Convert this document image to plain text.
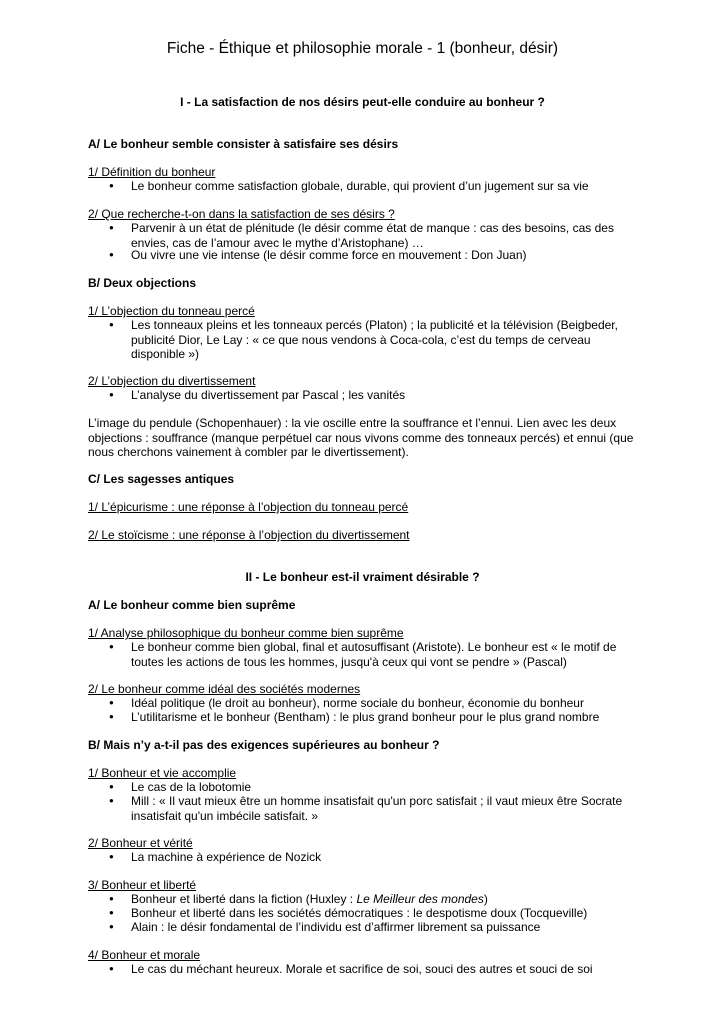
Fiche - Éthique et philosophie morale - 1 (bonheur, désir)
I - La satisfaction de nos désirs peut-elle conduire au bonheur ?
A/ Le bonheur semble consister à satisfaire ses désirs
1/ Définition du bonheur
● Le bonheur comme satisfaction globale, durable, qui provient d’un jugement sur sa vie
2/ Que recherche-t-on dans la satisfaction de ses désirs ?
● Parvenir à un état de plénitude (le désir comme état de manque : cas des besoins, cas des envies, cas de l’amour avec le mythe d’Aristophane) …
● Ou vivre une vie intense (le désir comme force en mouvement : Don Juan)
B/ Deux objections
1/ L’objection du tonneau percé
● Les tonneaux pleins et les tonneaux percés (Platon) ; la publicité et la télévision (Beigbeder, publicité Dior, Le Lay : « ce que nous vendons à Coca-cola, c’est du temps de cerveau disponible »)
2/ L’objection du divertissement
● L’analyse du divertissement par Pascal ; les vanités
L’image du pendule (Schopenhauer) : la vie oscille entre la souffrance et l’ennui. Lien avec les deux objections : souffrance (manque perpétuel car nous vivons comme des tonneaux percés) et ennui (que nous cherchons vainement à combler par le divertissement).
C/ Les sagesses antiques
1/ L’épicurisme : une réponse à l’objection du tonneau percé
2/ Le stoïcisme : une réponse à l’objection du divertissement
II - Le bonheur est-il vraiment désirable ?
A/ Le bonheur comme bien suprême
1/ Analyse philosophique du bonheur comme bien suprême
● Le bonheur comme bien global, final et autosuffisant (Aristote). Le bonheur est « le motif de toutes les actions de tous les hommes, jusqu'à ceux qui vont se pendre » (Pascal)
2/ Le bonheur comme idéal des sociétés modernes
● Idéal politique (le droit au bonheur), norme sociale du bonheur, économie du bonheur
● L’utilitarisme et le bonheur (Bentham) : le plus grand bonheur pour le plus grand nombre
B/ Mais n’y a-t-il pas des exigences supérieures au bonheur ?
1/ Bonheur et vie accomplie
● Le cas de la lobotomie
● Mill : « Il vaut mieux être un homme insatisfait qu'un porc satisfait ; il vaut mieux être Socrate insatisfait qu'un imbécile satisfait. »
2/ Bonheur et vérité
● La machine à expérience de Nozick
3/ Bonheur et liberté
● Bonheur et liberté dans la fiction (Huxley : Le Meilleur des mondes)
● Bonheur et liberté dans les sociétés démocratiques : le despotisme doux (Tocqueville)
● Alain : le désir fondamental de l’individu est d’affirmer librement sa puissance
4/ Bonheur et morale
● Le cas du méchant heureux. Morale et sacrifice de soi, souci des autres et souci de soi
